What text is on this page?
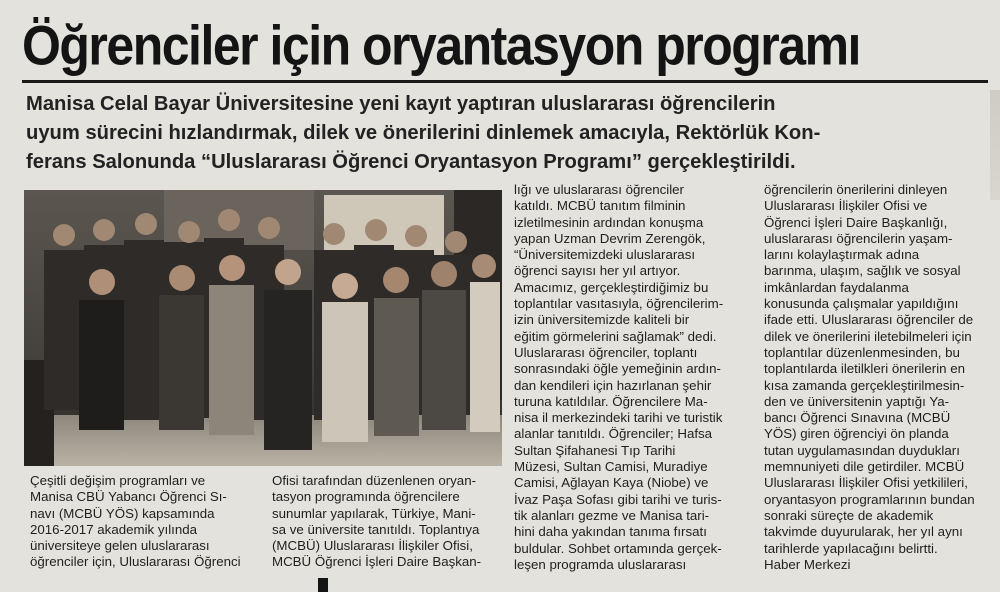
Öğrenciler için oryantasyon programı
Manisa Celal Bayar Üniversitesine yeni kayıt yaptıran uluslararası öğrencilerin
uyum sürecini hızlandırmak, dilek ve önerilerini dinlemek amacıyla, Rektörlük Kon-
ferans Salonunda “Uluslararası Öğrenci Oryantasyon Programı” gerçekleştirildi.
Çeşitli değişim programları ve
Manisa CBÜ Yabancı Öğrenci Sı-
navı (MCBÜ YÖS) kapsamında
2016-2017 akademik yılında
üniversiteye gelen uluslararası
öğrenciler için, Uluslararası Öğrenci
Ofisi tarafından düzenlenen oryan-
tasyon programında öğrencilere
sunumlar yapılarak, Türkiye, Mani-
sa ve üniversite tanıtıldı. Toplantıya
(MCBÜ) Uluslararası İlişkiler Ofisi,
MCBÜ Öğrenci İşleri Daire Başkan-
lığı ve uluslararası öğrenciler
katıldı. MCBÜ tanıtım filminin
izletilmesinin ardından konuşma
yapan Uzman Devrim Zerengök,
“Üniversitemizdeki uluslararası
öğrenci sayısı her yıl artıyor.
Amacımız, gerçekleştirdiğimiz bu
toplantılar vasıtasıyla, öğrencilerim-
izin üniversitemizde kaliteli bir
eğitim görmelerini sağlamak” dedi.
Uluslararası öğrenciler, toplantı
sonrasındaki öğle yemeğinin ardın-
dan kendileri için hazırlanan şehir
turuna katıldılar. Öğrencilere Ma-
nisa il merkezindeki tarihi ve turistik
alanlar tanıtıldı. Öğrenciler; Hafsa
Sultan Şifahanesi Tıp Tarihi
Müzesi, Sultan Camisi, Muradiye
Camisi, Ağlayan Kaya (Niobe) ve
İvaz Paşa Sofası gibi tarihi ve turis-
tik alanları gezme ve Manisa tari-
hini daha yakından tanıma fırsatı
buldular. Sohbet ortamında gerçek-
leşen programda uluslararası
öğrencilerin önerilerini dinleyen
Uluslararası İlişkiler Ofisi ve
Öğrenci İşleri Daire Başkanlığı,
uluslararası öğrencilerin yaşam-
larını kolaylaştırmak adına
barınma, ulaşım, sağlık ve sosyal
imkânlardan faydalanma
konusunda çalışmalar yapıldığını
ifade etti. Uluslararası öğrenciler de
dilek ve önerilerini iletebilmeleri için
toplantılar düzenlenmesinden, bu
toplantılarda iletilkleri önerilerin en
kısa zamanda gerçekleştirilmesin-
den ve üniversitenin yaptığı Ya-
bancı Öğrenci Sınavına (MCBÜ
YÖS) giren öğrenciyi ön planda
tutan uygulamasından duydukları
memnuniyeti dile getirdiler. MCBÜ
Uluslararası İlişkiler Ofisi yetkilileri,
oryantasyon programlarının bundan
sonraki süreçte de akademik
takvimde duyurularak, her yıl aynı
tarihlerde yapılacağını belirtti.
Haber Merkezi
